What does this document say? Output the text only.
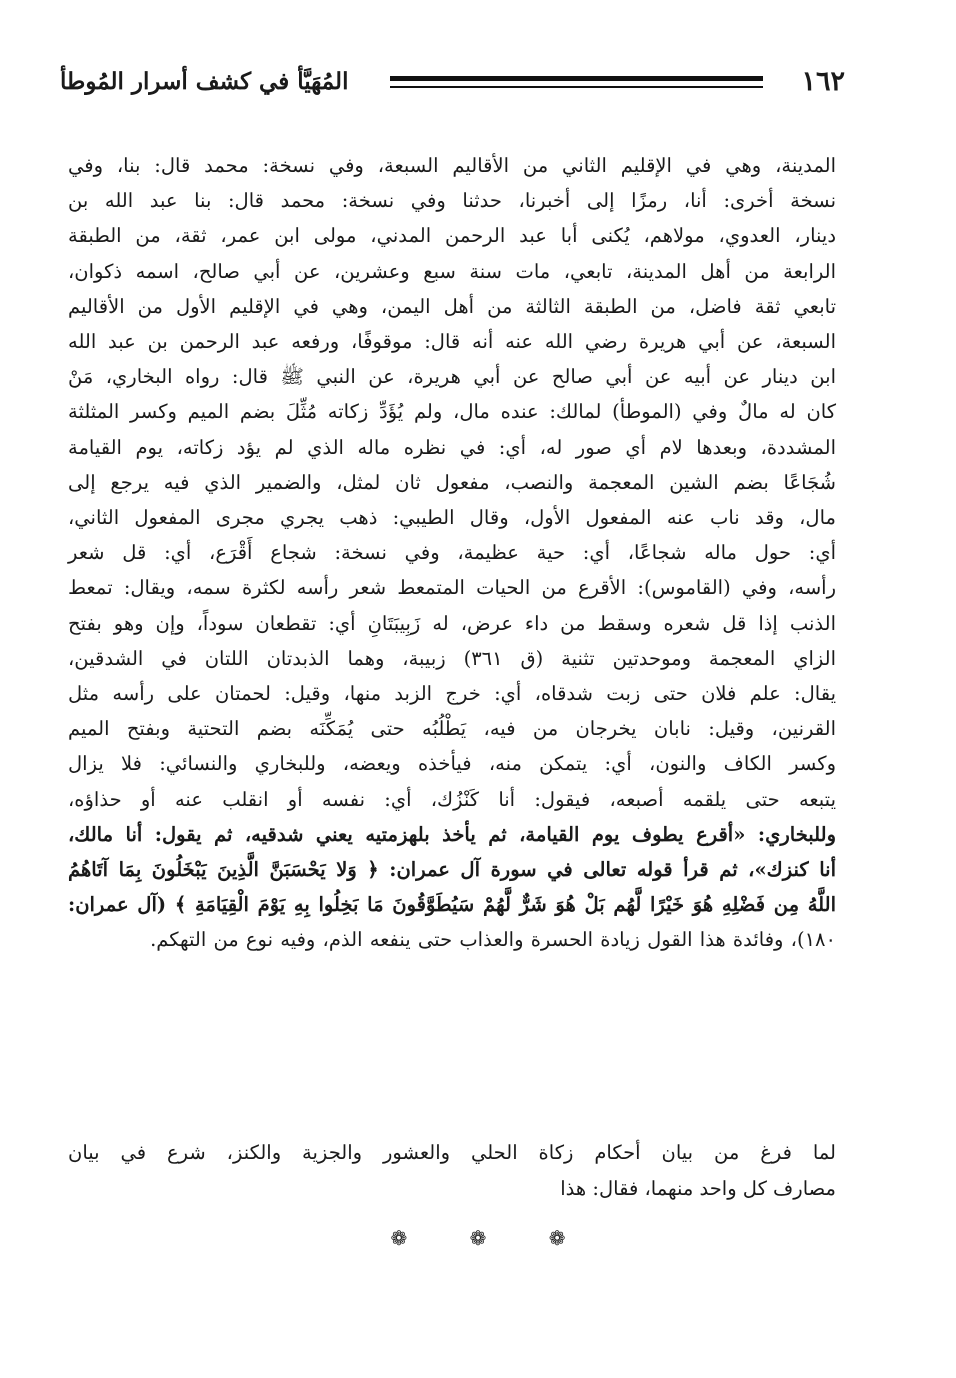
١٦٢
المُهَيَّأ في كشف أسرار المُوطأ
المدينة، وهي في الإقليم الثاني من الأقاليم السبعة، وفي نسخة: محمد قال: بنا، وفي
نسخة أخرى: أنا، رمزًا إلى أخبرنا، حدثنا وفي نسخة: محمد قال: بنا عبد الله بن
دينار، العدوي، مولاهم، يُكنى أبا عبد الرحمن المدني، مولى ابن عمر، ثقة، من الطبقة
الرابعة من أهل المدينة، تابعي، مات سنة سبع وعشرين، عن أبي صالح، اسمه ذكوان،
تابعي ثقة فاضل، من الطبقة الثالثة من أهل اليمن، وهي في الإقليم الأول من الأقاليم
السبعة، عن أبي هريرة رضي الله عنه أنه قال: موقوفًا، ورفعه عبد الرحمن بن عبد الله
ابن دينار عن أبيه عن أبي صالح عن أبي هريرة، عن النبي ﷺ قال: رواه البخاري، مَنْ
كان له مالٌ وفي (الموطأ) لمالك: عنده مال، ولم يُؤَدِّ زكاته مُثِّلَ بضم الميم وكسر المثلثة
المشددة، وبعدها لام أي صور له، أي: في نظره ماله الذي لم يؤد زكاته، يوم القيامة
شُجَاعًا بضم الشين المعجمة والنصب، مفعول ثان لمثل، والضمير الذي فيه يرجع إلى
مال، وقد ناب عنه المفعول الأول، وقال الطيبي: ذهب يجري مجرى المفعول الثاني،
أي: حول ماله شجاعًا، أي: حية عظيمة، وفي نسخة: شجاع أَقْرَع، أي: قل شعر
رأسه، وفي (القاموس): الأقرع من الحيات المتمعط شعر رأسه لكثرة سمه، ويقال: تمعط
الذنب إذا قل شعره وسقط من داء عرض، له زَبِيبَتَانِ أي: تقطعان سوداً، وإن وهو بفتح
الزاي المعجمة وموحدتين تثنية (ق ٣٦١) زبيبة، وهما الذبدتان اللتان في الشدقين،
يقال: علم فلان حتى زبت شدقاه، أي: خرج الزبد منها، وقيل: لحمتان على رأسه مثل
القرنين، وقيل: نابان يخرجان من فيه، يَطْلُبُه حتى يُمَكِّنَه بضم التحتية وبفتح الميم
وكسر الكاف والنون، أي: يتمكن منه، فيأخذه ويعضه، وللبخاري والنسائي: فلا يزال
يتبعه حتى يلقمه أصبعه، فيقول: أنا كَنْزُك، أي: نفسه أو انقلب عنه أو حذاؤه،
وللبخاري: «أقرع يطوف يوم القيامة، ثم يأخذ بلهزمتيه يعني شدقيه، ثم يقول: أنا مالك،
أنا كنزك»، ثم قرأ قوله تعالى في سورة آل عمران: ﴿ وَلا يَحْسَبَنَّ الَّذِينَ يَبْخَلُونَ بِمَا آتَاهُمُ
اللَّهُ مِن فَضْلِهِ هُوَ خَيْرًا لَّهُم بَلْ هُوَ شَرٌّ لَّهُمْ سَيُطَوَّقُونَ مَا بَخِلُوا بِهِ يَوْمَ الْقِيَامَةِ ﴾ (آل عمران:
١٨٠)، وفائدة هذا القول زيادة الحسرة والعذاب حتى ينفعه الذم، وفيه نوع من التهكم.
لما فرغ من بيان أحكام زكاة الحلي والعشور والجزية والكنز، شرع في بيان
مصارف كل واحد منهما، فقال: هذا
❁	❁	❁
